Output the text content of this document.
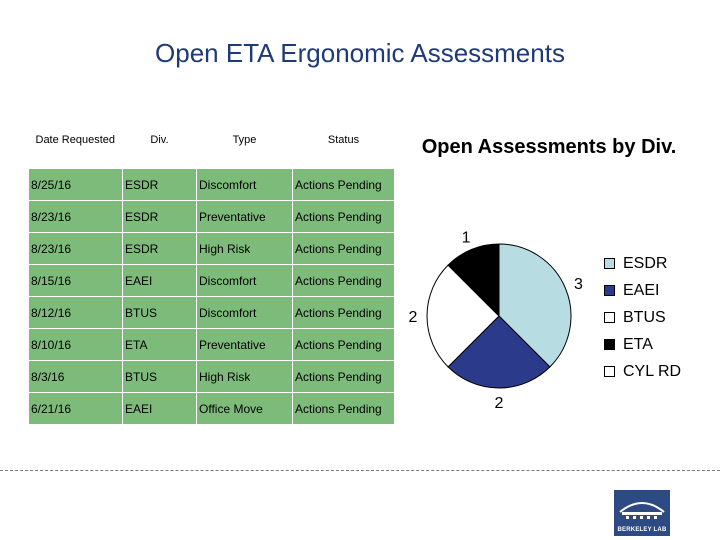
Open ETA Ergonomic Assessments
Date Requested	Div.	Type	Status
8/25/16	ESDR	Discomfort	Actions Pending
8/23/16	ESDR	Preventative	Actions Pending
8/23/16	ESDR	High Risk	Actions Pending
8/15/16	EAEI	Discomfort	Actions Pending
8/12/16	BTUS	Discomfort	Actions Pending
8/10/16	ETA	Preventative	Actions Pending
8/3/16	BTUS	High Risk	Actions Pending
6/21/16	EAEI	Office Move	Actions Pending
Open Assessments by Div.
3
2
2
1
ESDR
EAEI
BTUS
ETA
CYL RD
BERKELEY LAB
